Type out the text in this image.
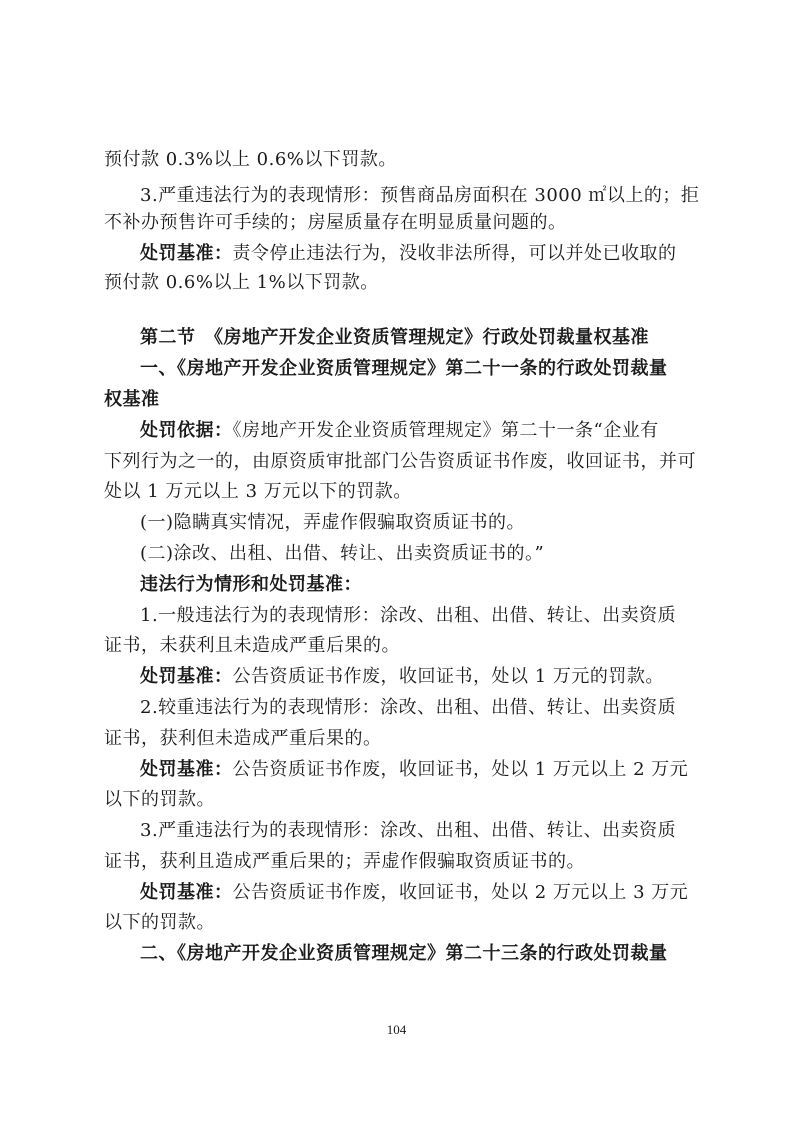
预付款 0.3%以上 0.6%以下罚款。
3.严重违法行为的表现情形：预售商品房面积在 3000 ㎡以上的；拒
不补办预售许可手续的；房屋质量存在明显质量问题的。
处罚基准：责令停止违法行为，没收非法所得，可以并处已收取的
预付款 0.6%以上 1%以下罚款。
第二节　《房地产开发企业资质管理规定》行政处罚裁量权基准
一、《房地产开发企业资质管理规定》第二十一条的行政处罚裁量
权基准
处罚依据：《房地产开发企业资质管理规定》第二十一条“企业有
下列行为之一的，由原资质审批部门公告资质证书作废，收回证书，并可
处以 1 万元以上 3 万元以下的罚款。
(一)隐瞒真实情况，弄虚作假骗取资质证书的。
(二)涂改、出租、出借、转让、出卖资质证书的。”
违法行为情形和处罚基准：
1.一般违法行为的表现情形：涂改、出租、出借、转让、出卖资质
证书，未获利且未造成严重后果的。
处罚基准：公告资质证书作废，收回证书，处以 1 万元的罚款。
2.较重违法行为的表现情形：涂改、出租、出借、转让、出卖资质
证书，获利但未造成严重后果的。
处罚基准：公告资质证书作废，收回证书，处以 1 万元以上 2 万元
以下的罚款。
3.严重违法行为的表现情形：涂改、出租、出借、转让、出卖资质
证书，获利且造成严重后果的；弄虚作假骗取资质证书的。
处罚基准：公告资质证书作废，收回证书，处以 2 万元以上 3 万元
以下的罚款。
二、《房地产开发企业资质管理规定》第二十三条的行政处罚裁量
104
